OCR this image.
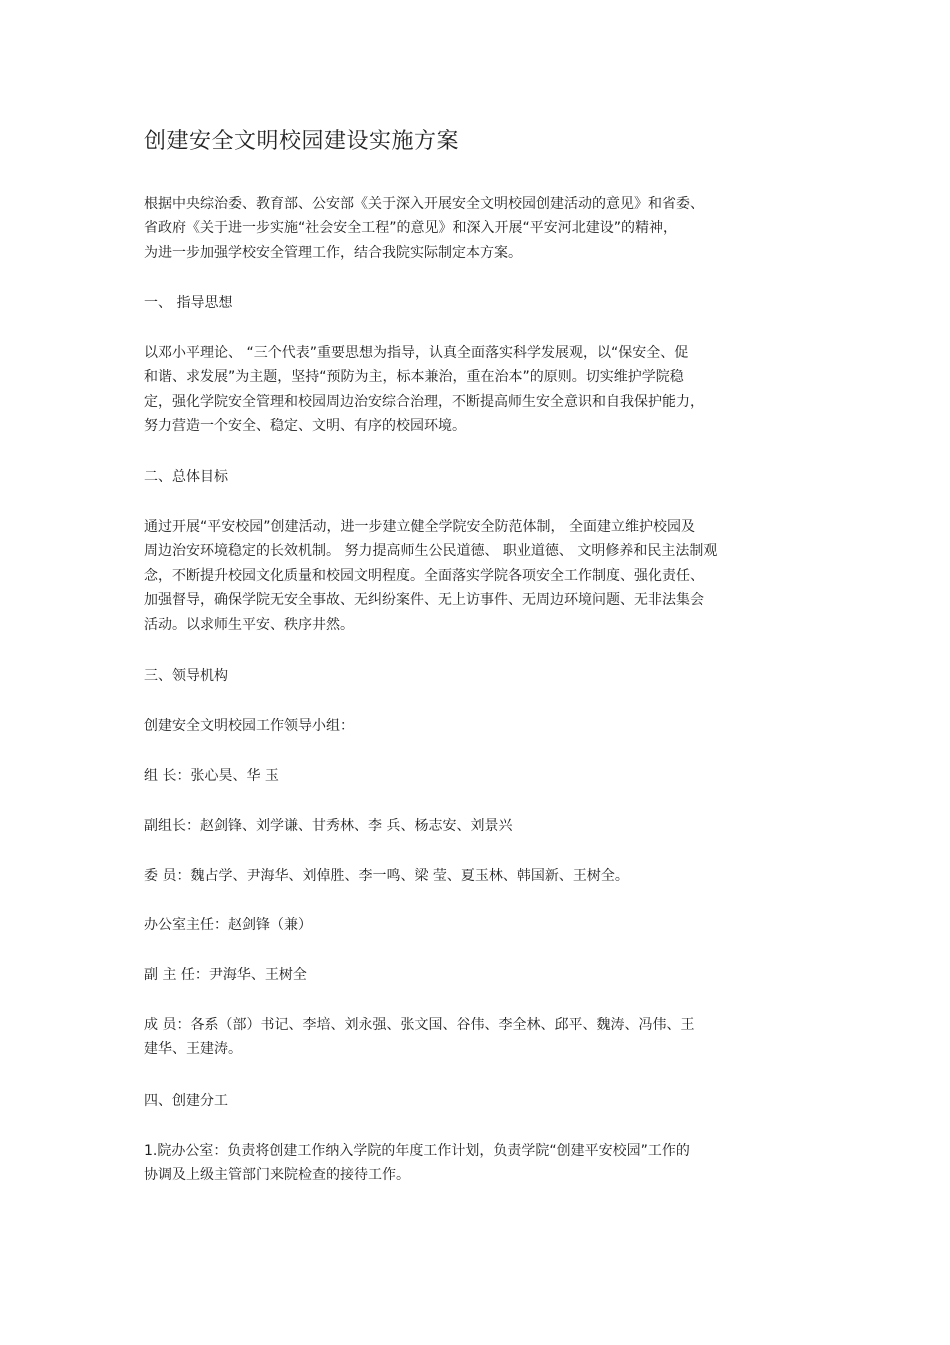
创建安全文明校园建设实施方案
根据中央综治委、教育部、公安部《关于深入开展安全文明校园创建活动的意见》和省委、
省政府《关于进一步实施“社会安全工程”的意见》和深入开展“平安河北建设”的精神，
为进一步加强学校安全管理工作，结合我院实际制定本方案。
一、 指导思想
以邓小平理论、 “三个代表”重要思想为指导，认真全面落实科学发展观，以“保安全、促
和谐、求发展”为主题，坚持“预防为主，标本兼治，重在治本”的原则。切实维护学院稳
定，强化学院安全管理和校园周边治安综合治理，不断提高师生安全意识和自我保护能力，
努力营造一个安全、稳定、文明、有序的校园环境。
二、总体目标
通过开展“平安校园”创建活动，进一步建立健全学院安全防范体制， 全面建立维护校园及
周边治安环境稳定的长效机制。 努力提高师生公民道德、 职业道德、 文明修养和民主法制观
念，不断提升校园文化质量和校园文明程度。全面落实学院各项安全工作制度、强化责任、
加强督导，确保学院无安全事故、无纠纷案件、无上访事件、无周边环境问题、无非法集会
活动。以求师生平安、秩序井然。
三、领导机构
创建安全文明校园工作领导小组：
组 长：张心昊、华 玉
副组长：赵剑锋、刘学谦、甘秀林、李 兵、杨志安、刘景兴
委 员：魏占学、尹海华、刘倬胜、李一鸣、梁 莹、夏玉林、韩国新、王树全。
办公室主任：赵剑锋（兼）
副 主 任：尹海华、王树全
成 员：各系（部）书记、李培、刘永强、张文国、谷伟、李全林、邱平、魏涛、冯伟、王
建华、王建涛。
四、创建分工
1.院办公室：负责将创建工作纳入学院的年度工作计划，负责学院“创建平安校园”工作的
协调及上级主管部门来院检查的接待工作。
